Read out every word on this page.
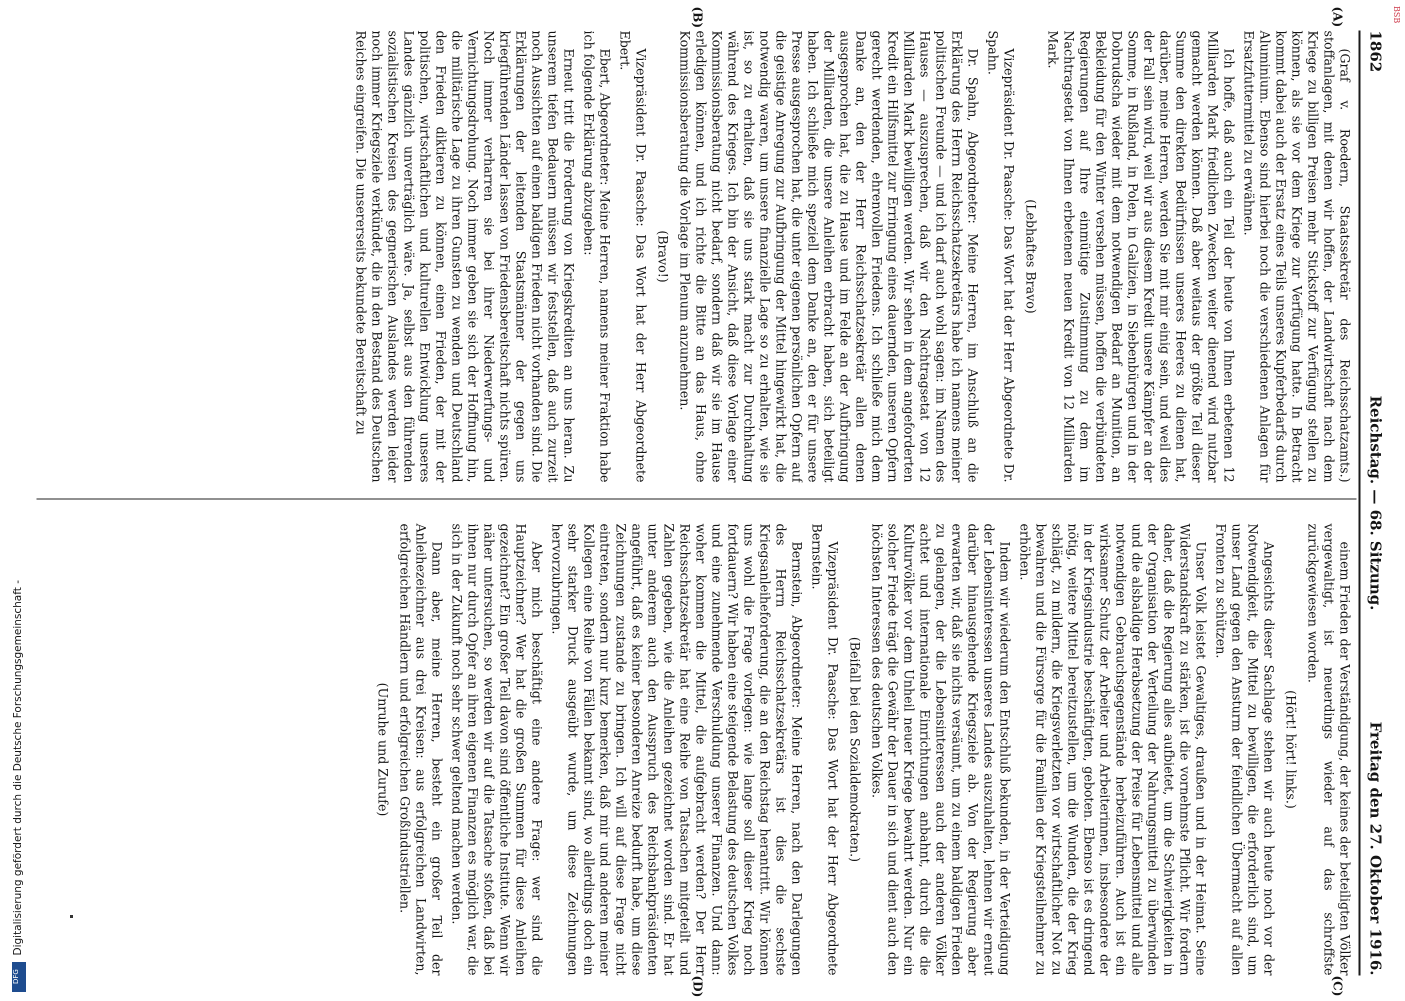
1862
Reichstag. — 68. Sitzung.
Freitag den 27. Oktober 1916.
(A)
(B)
(C)
(D)

(Graf v. Roedern, Staatssekretär des Reichsschatzamts.) stoffanlagen, mit denen wir hoffen, der Landwirtschaft nach dem Kriege zu billigen Preisen mehr Stickstoff zur Verfügung stellen zu können, als sie vor dem Kriege zur Verfügung hatte. In Betracht kommt dabei auch der Ersatz eines Teils unseres Kupferbedarfs durch Aluminium. Ebenso sind hierbei noch die verschiedenen Anlagen für Ersatzfuttermittel zu erwähnen.

Ich hoffe, daß auch ein Teil der heute von Ihnen erbetenen 12 Milliarden Mark friedlichen Zwecken weiter dienend wird nutzbar gemacht werden können. Daß aber weitaus der größte Teil dieser Summe den direkten Bedürfnissen unseres Heeres zu dienen hat, darüber, meine Herren, werden Sie mit mir einig sein, und weil dies der Fall sein wird, weil wir aus diesem Kredit unsere Kämpfer an der Somme, in Rußland, in Polen, in Galizien, in Siebenbürgen und in der Dobrudscha wieder mit dem notwendigen Bedarf an Munition, an Bekleidung für den Winter versehen müssen, hoffen die verbündeten Regierungen auf Ihre einmütige Zustimmung zu dem im Nachtragsetat von Ihnen erbetenen neuen Kredit von 12 Milliarden Mark.

(Lebhaftes Bravo)

Vizepräsident Dr. Paasche: Das Wort hat der Herr Abgeordnete Dr. Spahn.

Dr. Spahn, Abgeordneter: Meine Herren, im Anschluß an die Erklärung des Herrn Reichsschatzsekretärs habe ich namens meiner politischen Freunde — und ich darf auch wohl sagen: im Namen des Hauses — auszusprechen, daß wir den Nachtragsetat von 12 Milliarden Mark bewilligen werden. Wir sehen in dem angeforderten Kredit ein Hilfsmittel zur Erringung eines dauernden, unseren Opfern gerecht werdenden, ehrenvollen Friedens. Ich schließe mich dem Danke an, den der Herr Reichsschatzsekretär allen denen ausgesprochen hat, die zu Hause und im Felde an der Aufbringung der Milliarden, die unsere Anleihen erbracht haben, sich beteiligt haben. Ich schließe mich speziell dem Danke an, den er für unsere Presse ausgesprochen hat, die unter eigenen persönlichen Opfern auf die geistige Anregung zur Aufbringung der Mittel hingewirkt hat, die notwendig waren, um unsere finanzielle Lage so zu erhalten, wie sie ist, so zu erhalten, daß sie uns stark macht zur Durchhaltung während des Krieges. Ich bin der Ansicht, daß diese Vorlage einer Kommissionsberatung nicht bedarf, sondern daß wir sie im Hause erledigen können, und ich richte die Bitte an das Haus, ohne Kommissionsberatung die Vorlage im Plenum anzunehmen.

(Bravo!)

Vizepräsident Dr. Paasche: Das Wort hat der Herr Abgeordnete Ebert.

Ebert, Abgeordneter: Meine Herren, namens meiner Fraktion habe ich folgende Erklärung abzugeben:

Erneut tritt die Forderung von Kriegskrediten an uns heran. Zu unserem tiefen Bedauern müssen wir feststellen, daß auch zurzeit noch Aussichten auf einen baldigen Frieden nicht vorhanden sind. Die Erklärungen der leitenden Staatsmänner der gegen uns kriegführenden Länder lassen von Friedensbereitschaft nichts spüren. Noch immer verharren sie bei ihrer Niederwerfungs- und Vernichtungsdrohung. Noch immer geben sie sich der Hoffnung hin, die militärische Lage zu ihren Gunsten zu wenden und Deutschland den Frieden diktieren zu können, einen Frieden, der mit der politischen, wirtschaftlichen und kulturellen Entwicklung unseres Landes gänzlich unverträglich wäre. Ja, selbst aus den führenden sozialistischen Kreisen des gegnerischen Auslandes werden leider noch immer Kriegsziele verkündet, die in den Bestand des Deutschen Reiches eingreifen. Die unsererseits bekundete Bereitschaft zu

einem Frieden der Verständigung, der keines der beteiligten Völker vergewaltigt, ist neuerdings wieder auf das schroffste zurückgewiesen worden.

(Hört! hört! links.)

Angesichts dieser Sachlage stehen wir auch heute noch vor der Notwendigkeit, die Mittel zu bewilligen, die erforderlich sind, um unser Land gegen den Ansturm der feindlichen Übermacht auf allen Fronten zu schützen.

Unser Volk leistet Gewaltiges, draußen und in der Heimat. Seine Widerstandskraft zu stärken, ist die vornehmste Pflicht. Wir fordern daher, daß die Regierung alles aufbietet, um die Schwierigkeiten in der Organisation der Verteilung der Nahrungsmittel zu überwinden und die alsbaldige Herabsetzung der Preise für Lebensmittel und alle notwendigen Gebrauchsgegenstände herbeizuführen. Auch ist ein wirksamer Schutz der Arbeiter und Arbeiterinnen, insbesondere der in der Kriegsindustrie beschäftigten, geboten. Ebenso ist es dringend nötig, weitere Mittel bereitzustellen, um die Wunden, die der Krieg schlägt, zu mildern, die Kriegsverletzten vor wirtschaftlicher Not zu bewahren und die Fürsorge für die Familien der Kriegsteilnehmer zu erhöhen.

Indem wir wiederum den Entschluß bekunden, in der Verteidigung der Lebensinteressen unseres Landes auszuhalten, lehnen wir erneut darüber hinausgehende Kriegsziele ab. Von der Regierung aber erwarten wir, daß sie nichts versäumt, um zu einem baldigen Frieden zu gelangen, der die Lebensinteressen auch der anderen Völker achtet und internationale Einrichtungen anbahnt, durch die die Kulturvölker vor dem Unheil neuer Kriege bewahrt werden. Nur ein solcher Friede trägt die Gewähr der Dauer in sich und dient auch den höchsten Interessen des deutschen Volkes.

(Beifall bei den Sozialdemokraten.)

Vizepräsident Dr. Paasche: Das Wort hat der Herr Abgeordnete Bernstein.

Bernstein, Abgeordneter: Meine Herren, nach den Darlegungen des Herrn Reichsschatzsekretärs ist dies die sechste Kriegsanleiheforderung, die an den Reichstag herantritt. Wir können uns wohl die Frage vorlegen: wie lange soll dieser Krieg noch fortdauern? Wir haben eine steigende Belastung des deutschen Volkes und eine zunehmende Verschuldung unserer Finanzen. Und dann: woher kommen die Mittel, die aufgebracht werden? Der Herr Reichsschatzsekretär hat eine Reihe von Tatsachen mitgeteilt und Zahlen gegeben, wie die Anleihen gezeichnet worden sind. Er hat unter anderem auch den Ausspruch des Reichsbankpräsidenten angeführt, daß es keiner besonderen Anreize bedurft habe, um diese Zeichnungen zustande zu bringen. Ich will auf diese Frage nicht eintreten, sondern nur kurz bemerken, daß mir und anderen meiner Kollegen eine Reihe von Fällen bekannt sind, wo allerdings doch ein sehr starker Druck ausgeübt wurde, um diese Zeichnungen hervorzubringen.

Aber mich beschäftigt eine andere Frage: wer sind die Hauptzeichner? Wer hat die großen Summen für diese Anleihen gezeichnet? Ein großer Teil davon sind öffentliche Institute. Wenn wir näher untersuchen, so werden wir auf die Tatsache stoßen, daß bei ihnen nur durch Opfer an ihren eigenen Finanzen es möglich war, die sich in der Zukunft noch sehr schwer geltend machen werden.

Dann aber, meine Herren, besteht ein großer Teil der Anleihezeichner aus drei Kreisen: aus erfolgreichen Landwirten, erfolgreichen Händlern und erfolgreichen Großindustriellen.

(Unruhe und Zurufe)

BSB
Digitalisierung gefördert durch die Deutsche Forschungsgemeinschaft -
DFG
